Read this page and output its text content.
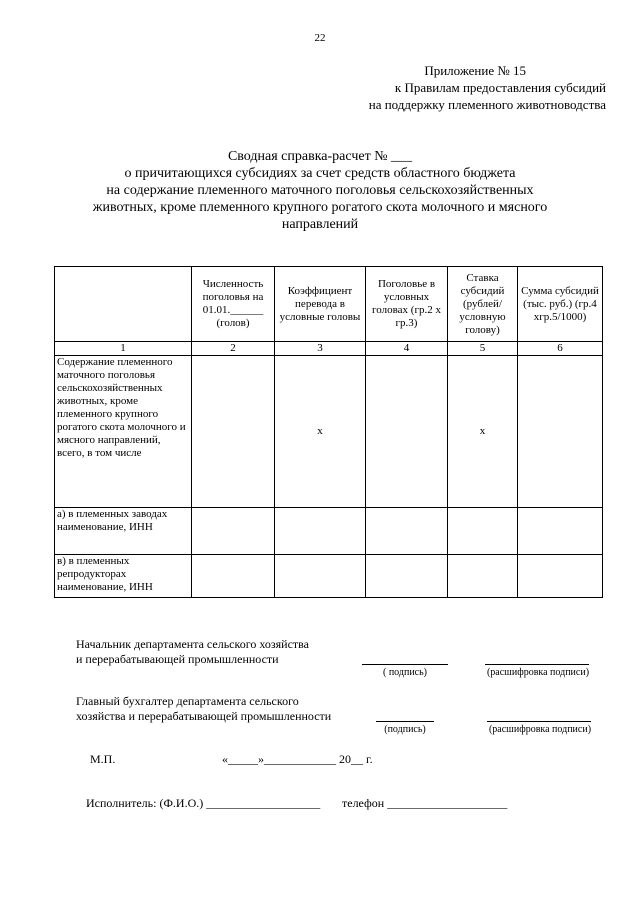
22
Приложение № 15
к Правилам предоставления субсидий
на поддержку племенного животноводства
Сводная справка-расчет № ___
о причитающихся субсидиях за счет средств областного бюджета
на содержание племенного маточного поголовья сельскохозяйственных
животных, кроме племенного крупного рогатого скота молочного и мясного
направлений
	Численность поголовья на 01.01.______ (голов)	Коэффициент перевода в условные головы	Поголовье в условных головах (гр.2 х гр.3)	Ставка субсидий (рублей/ условную голову)	Сумма субсидий (тыс. руб.) (гр.4 хгр.5/1000)
1	2	3	4	5	6
Содержание племенного маточного поголовья сельскохозяйственных животных, кроме племенного крупного рогатого скота молочного и мясного направлений, всего, в том числе		x		x	
а) в племенных заводах наименование, ИНН					
в) в племенных репродукторах наименование, ИНН					
Начальник департамента сельского хозяйства
и перерабатывающей промышленности
( подпись)	(расшифровка подписи)
Главный бухгалтер департамента сельского
хозяйства и перерабатывающей промышленности
(подпись)	(расшифровка подписи)
М.П.	«_____»____________ 20__ г.
Исполнитель: (Ф.И.О.) ___________________ телефон ____________________
